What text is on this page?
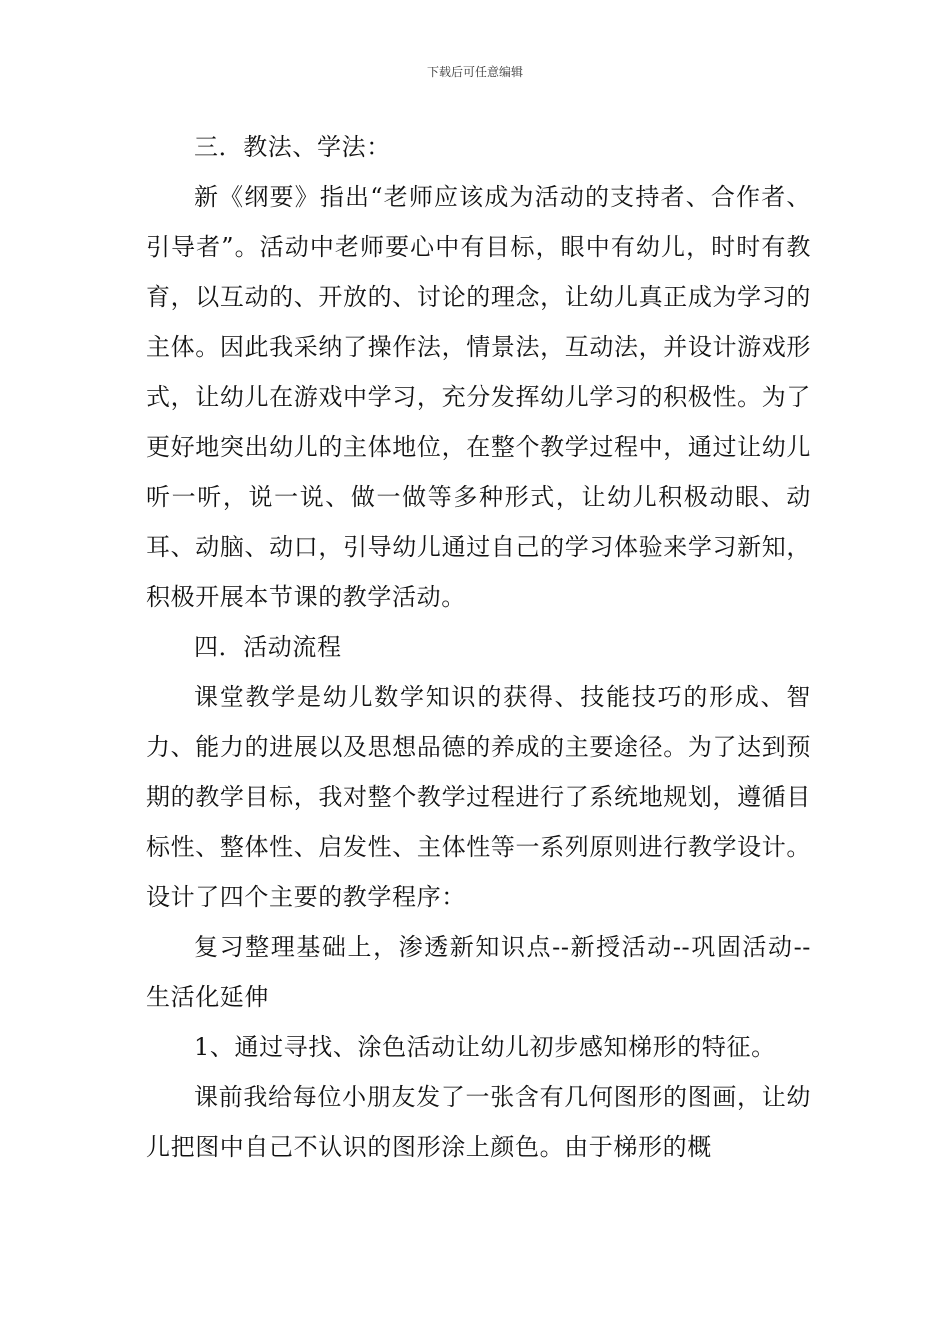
下载后可任意编辑

三．教法、学法：

新《纲要》指出“老师应该成为活动的支持者、合作者、引导者”。活动中老师要心中有目标，眼中有幼儿，时时有教育，以互动的、开放的、讨论的理念，让幼儿真正成为学习的主体。因此我采纳了操作法，情景法，互动法，并设计游戏形式，让幼儿在游戏中学习，充分发挥幼儿学习的积极性。为了更好地突出幼儿的主体地位，在整个教学过程中，通过让幼儿听一听，说一说、做一做等多种形式，让幼儿积极动眼、动耳、动脑、动口，引导幼儿通过自己的学习体验来学习新知，积极开展本节课的教学活动。

四．活动流程

课堂教学是幼儿数学知识的获得、技能技巧的形成、智力、能力的进展以及思想品德的养成的主要途径。为了达到预期的教学目标，我对整个教学过程进行了系统地规划，遵循目标性、整体性、启发性、主体性等一系列原则进行教学设计。设计了四个主要的教学程序：

复习整理基础上，渗透新知识点--新授活动--巩固活动--生活化延伸

1、通过寻找、涂色活动让幼儿初步感知梯形的特征。

课前我给每位小朋友发了一张含有几何图形的图画，让幼儿把图中自己不认识的图形涂上颜色。由于梯形的概
